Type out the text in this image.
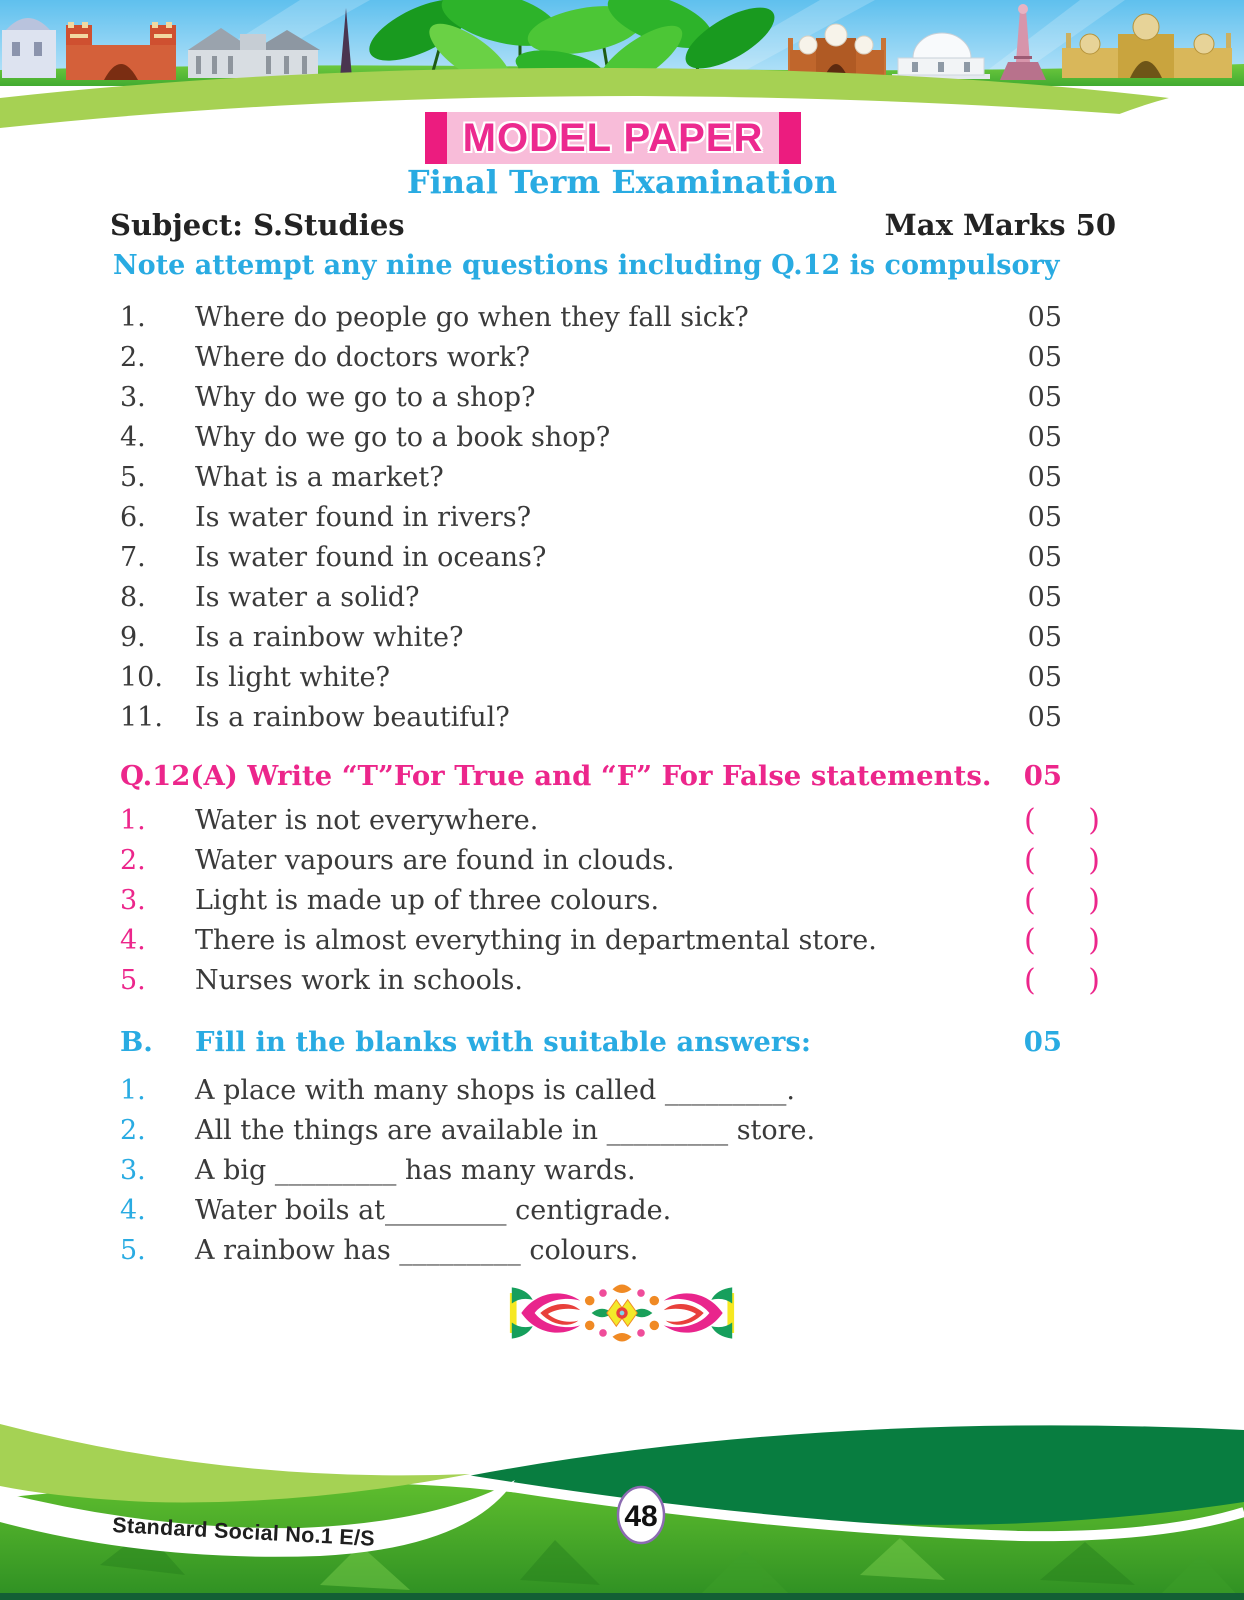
MODEL PAPER
Final Term Examination
Subject: S.Studies	Max Marks 50
Note attempt any nine questions including Q.12 is compulsory
1.	Where do people go when they fall sick?	05
2.	Where do doctors work?	05
3.	Why do we go to a shop?	05
4.	Why do we go to a book shop?	05
5.	What is a market?	05
6.	Is water found in rivers?	05
7.	Is water found in oceans?	05
8.	Is water a solid?	05
9.	Is a rainbow white?	05
10.	Is light white?	05
11.	Is a rainbow beautiful?	05
Q.12(A) Write “T”For True and “F” For False statements.	05
1.	Water is not everywhere.	( )
2.	Water vapours are found in clouds.	( )
3.	Light is made up of three colours.	( )
4.	There is almost everything in departmental store.	( )
5.	Nurses work in schools.	( )
B.	Fill in the blanks with suitable answers:	05
1.	A place with many shops is called _________.
2.	All the things are available in _________ store.
3.	A big _________ has many wards.
4.	Water boils at_________ centigrade.
5.	A rainbow has _________ colours.
Standard Social No.1 E/S	48
